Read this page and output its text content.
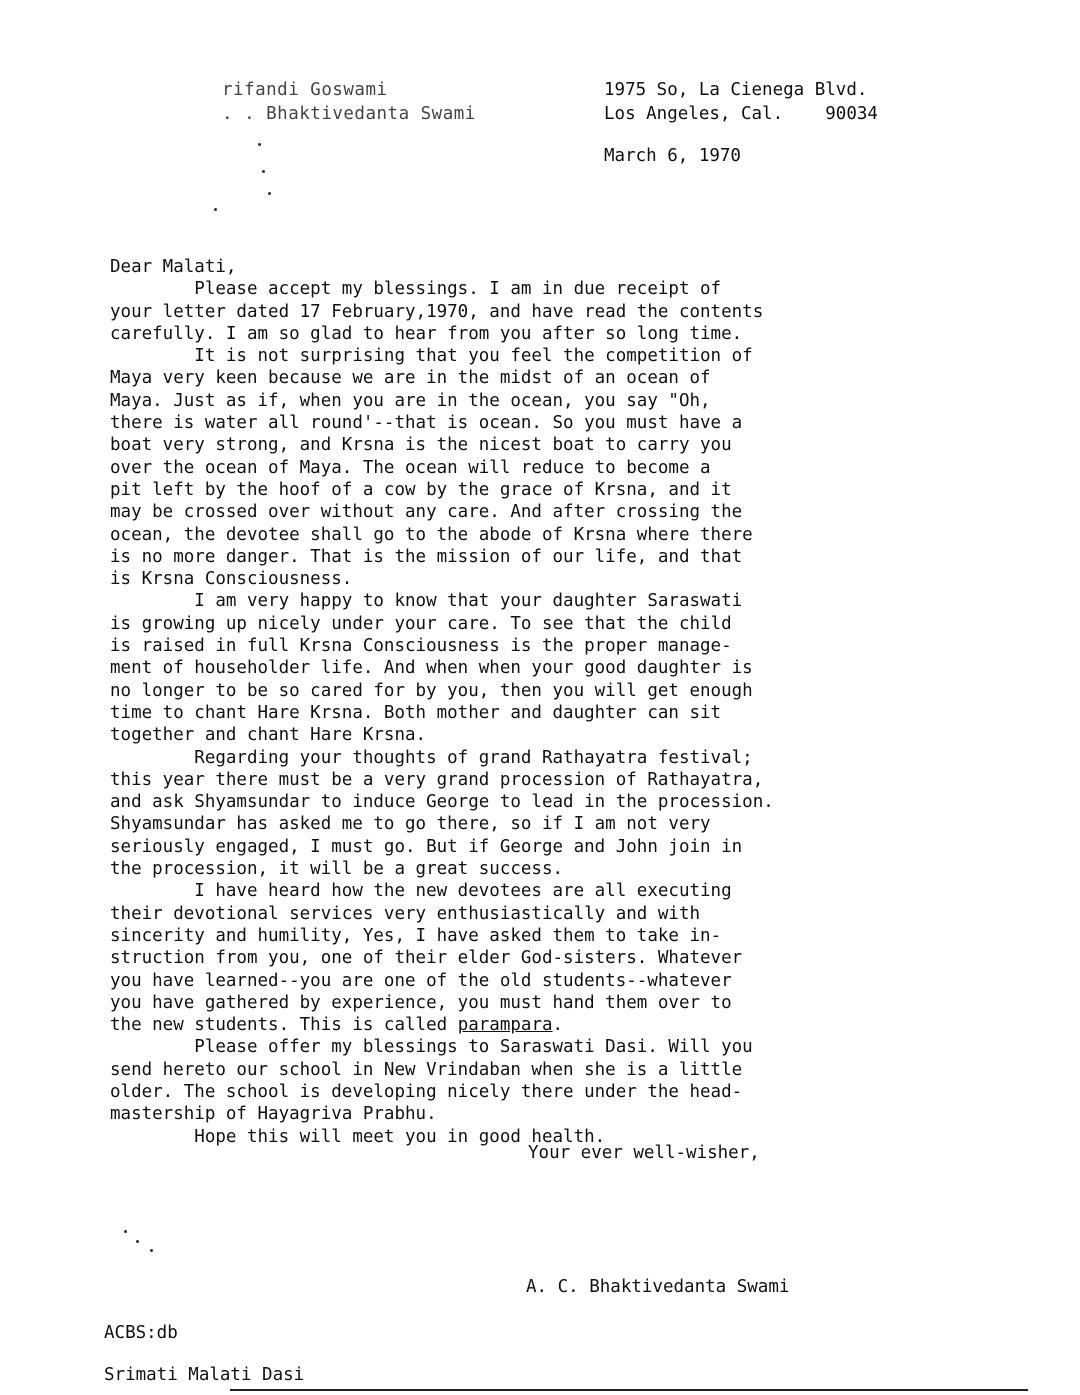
rifandi Goswami
. . Bhaktivedanta Swami
1975 So, La Cienega Blvd.
Los Angeles, Cal.    90034
March 6, 1970

Dear Malati,

Please accept my blessings. I am in due receipt of

your letter dated 17 February,1970, and have read the contents

carefully. I am so glad to hear from you after so long time.

It is not surprising that you feel the competition of

Maya very keen because we are in the midst of an ocean of

Maya. Just as if, when you are in the ocean, you say "Oh,

there is water all round'--that is ocean. So you must have a

boat very strong, and Krsna is the nicest boat to carry you

over the ocean of Maya. The ocean will reduce to become a

pit left by the hoof of a cow by the grace of Krsna, and it

may be crossed over without any care. And after crossing the

ocean, the devotee shall go to the abode of Krsna where there

is no more danger. That is the mission of our life, and that

is Krsna Consciousness.

I am very happy to know that your daughter Saraswati

is growing up nicely under your care. To see that the child

is raised in full Krsna Consciousness is the proper manage-

ment of householder life. And when when your good daughter is

no longer to be so cared for by you, then you will get enough

time to chant Hare Krsna. Both mother and daughter can sit

together and chant Hare Krsna.

Regarding your thoughts of grand Rathayatra festival;

this year there must be a very grand procession of Rathayatra,

and ask Shyamsundar to induce George to lead in the procession.

Shyamsundar has asked me to go there, so if I am not very

seriously engaged, I must go. But if George and John join in

the procession, it will be a great success.

I have heard how the new devotees are all executing

their devotional services very enthusiastically and with

sincerity and humility, Yes, I have asked them to take in-

struction from you, one of their elder God-sisters. Whatever

you have learned--you are one of the old students--whatever

you have gathered by experience, you must hand them over to

the new students. This is called parampara.

Please offer my blessings to Saraswati Dasi. Will you

send hereto our school in New Vrindaban when she is a little

older. The school is developing nicely there under the head-

mastership of Hayagriva Prabhu.

Hope this will meet you in good health.

Your ever well-wisher,
A. C. Bhaktivedanta Swami
ACBS:db
Srimati Malati Dasi
